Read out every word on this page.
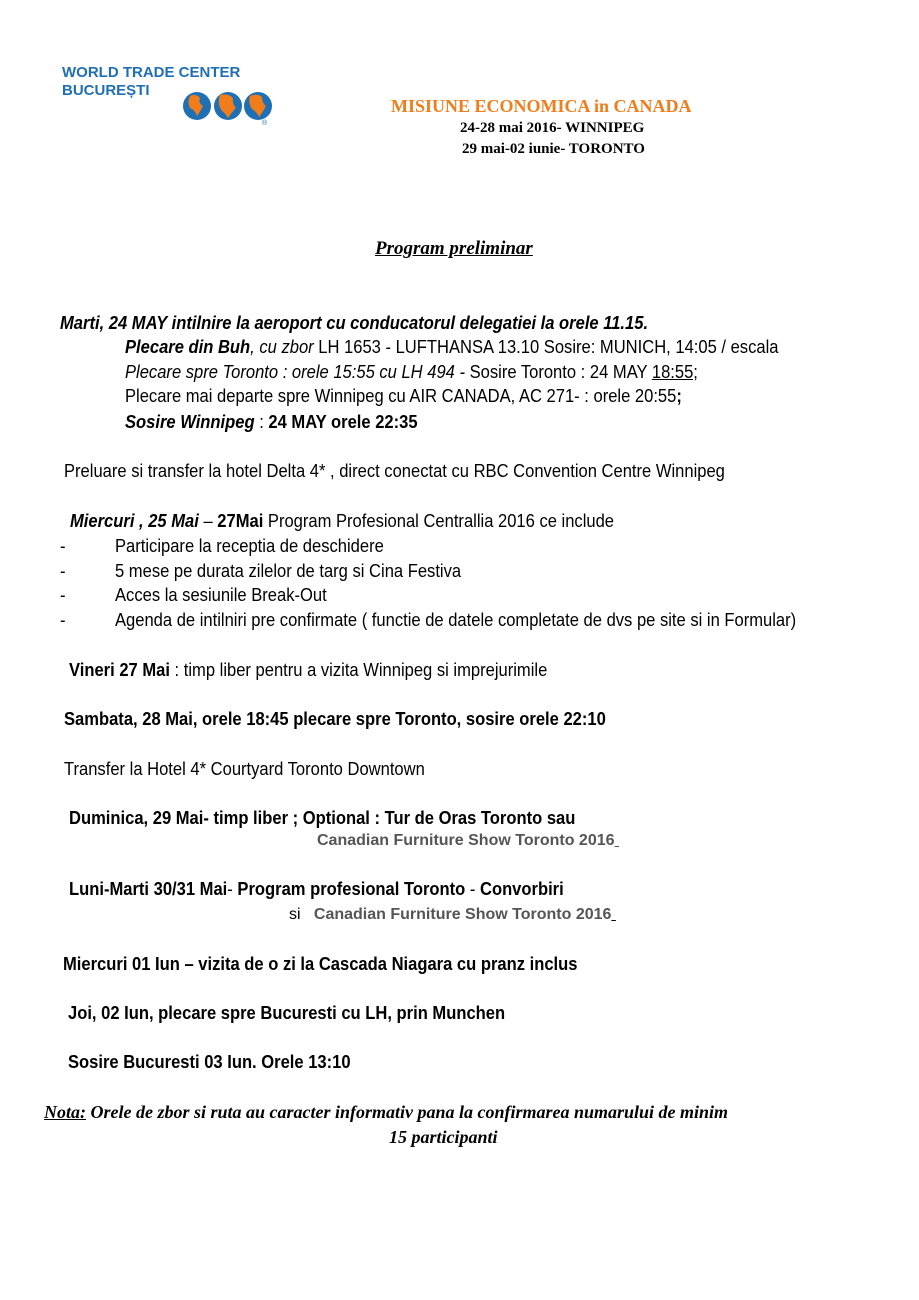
WORLD TRADE CENTER
BUCUREȘTI
®
MISIUNE ECONOMICA in CANADA
24-28 mai 2016- WINNIPEG
29 mai-02 iunie- TORONTO
Program preliminar
Marti, 24 MAY intilnire la aeroport cu conducatorul delegatiei la orele 11.15.
Plecare din Buh, cu zbor LH 1653 - LUFTHANSA 13.10 Sosire: MUNICH, 14:05 / escala
Plecare spre Toronto : orele 15:55 cu LH 494 - Sosire Toronto : 24 MAY 18:55;
Plecare mai departe spre Winnipeg cu AIR CANADA, AC 271- : orele 20:55;
Sosire Winnipeg : 24 MAY orele 22:35
Preluare si transfer la hotel Delta 4* , direct conectat cu RBC Convention Centre Winnipeg
Miercuri , 25 Mai – 27Mai Program Profesional Centrallia 2016 ce include
-	Participare la receptia de deschidere
-	5 mese pe durata zilelor de targ si Cina Festiva
-	Acces la sesiunile Break-Out
-	Agenda de intilniri pre confirmate ( functie de datele completate de dvs pe site si in Formular)
Vineri 27 Mai : timp liber pentru a vizita Winnipeg si imprejurimile
Sambata, 28 Mai, orele 18:45 plecare spre Toronto, sosire orele 22:10
Transfer la Hotel 4* Courtyard Toronto Downtown
Duminica, 29 Mai- timp liber ; Optional : Tur de Oras Toronto sau
Canadian Furniture Show Toronto 2016
Luni-Marti 30/31 Mai- Program profesional Toronto - Convorbiri
si Canadian Furniture Show Toronto 2016
Miercuri 01 Iun – vizita de o zi la Cascada Niagara cu pranz inclus
Joi, 02 Iun, plecare spre Bucuresti cu LH, prin Munchen
Sosire Bucuresti 03 Iun. Orele 13:10
Nota: Orele de zbor si ruta au caracter informativ pana la confirmarea numarului de minim
15 participanti
